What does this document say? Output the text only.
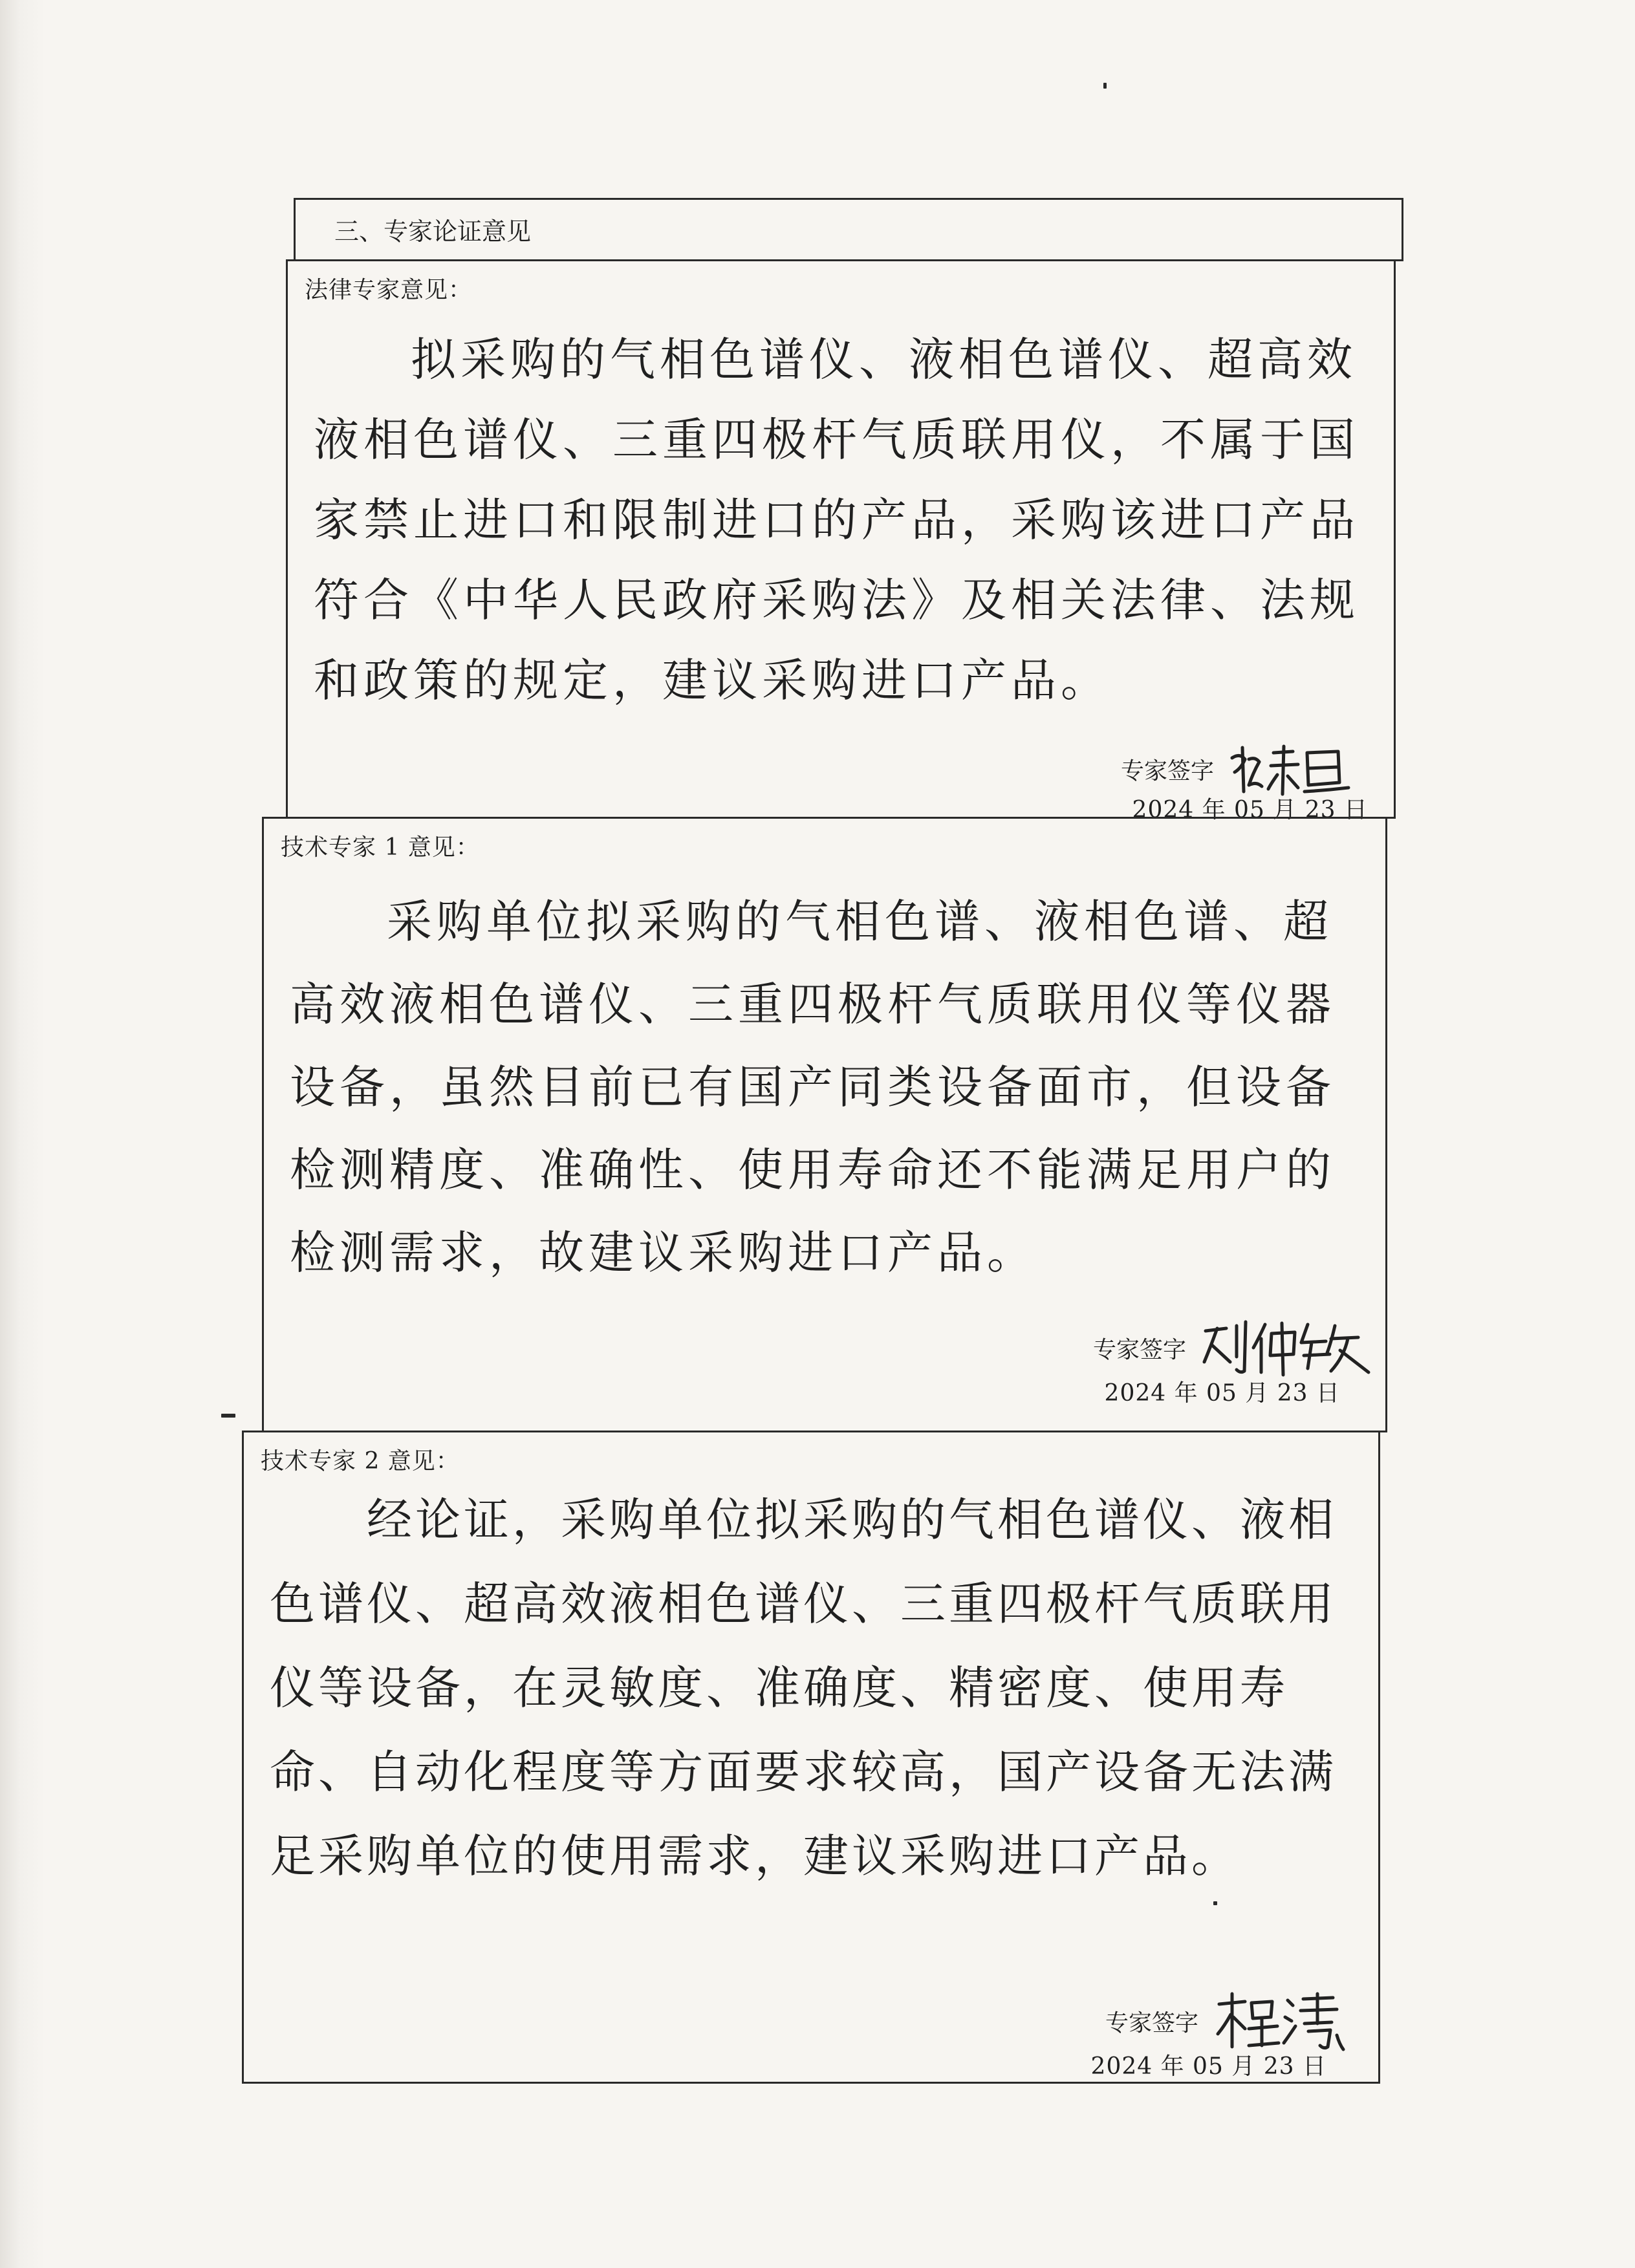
三、专家论证意见
法律专家意见：

拟采购的气相色谱仪、液相色谱仪、超高效液相色谱仪、三重四极杆气质联用仪，不属于国家禁止进口和限制进口的产品，采购该进口产品符合《中华人民政府采购法》及相关法律、法规和政策的规定，建议采购进口产品。

专家签字
2024 年 05 月 23 日
技术专家 1 意见：

采购单位拟采购的气相色谱、液相色谱、超高效液相色谱仪、三重四极杆气质联用仪等仪器设备，虽然目前已有国产同类设备面市，但设备检测精度、准确性、使用寿命还不能满足用户的检测需求，故建议采购进口产品。

专家签字
2024 年 05 月 23 日
技术专家 2 意见：

经论证，采购单位拟采购的气相色谱仪、液相色谱仪、超高效液相色谱仪、三重四极杆气质联用仪等设备，在灵敏度、准确度、精密度、使用寿命、自动化程度等方面要求较高，国产设备无法满足采购单位的使用需求，建议采购进口产品。

专家签字
2024 年 05 月 23 日
